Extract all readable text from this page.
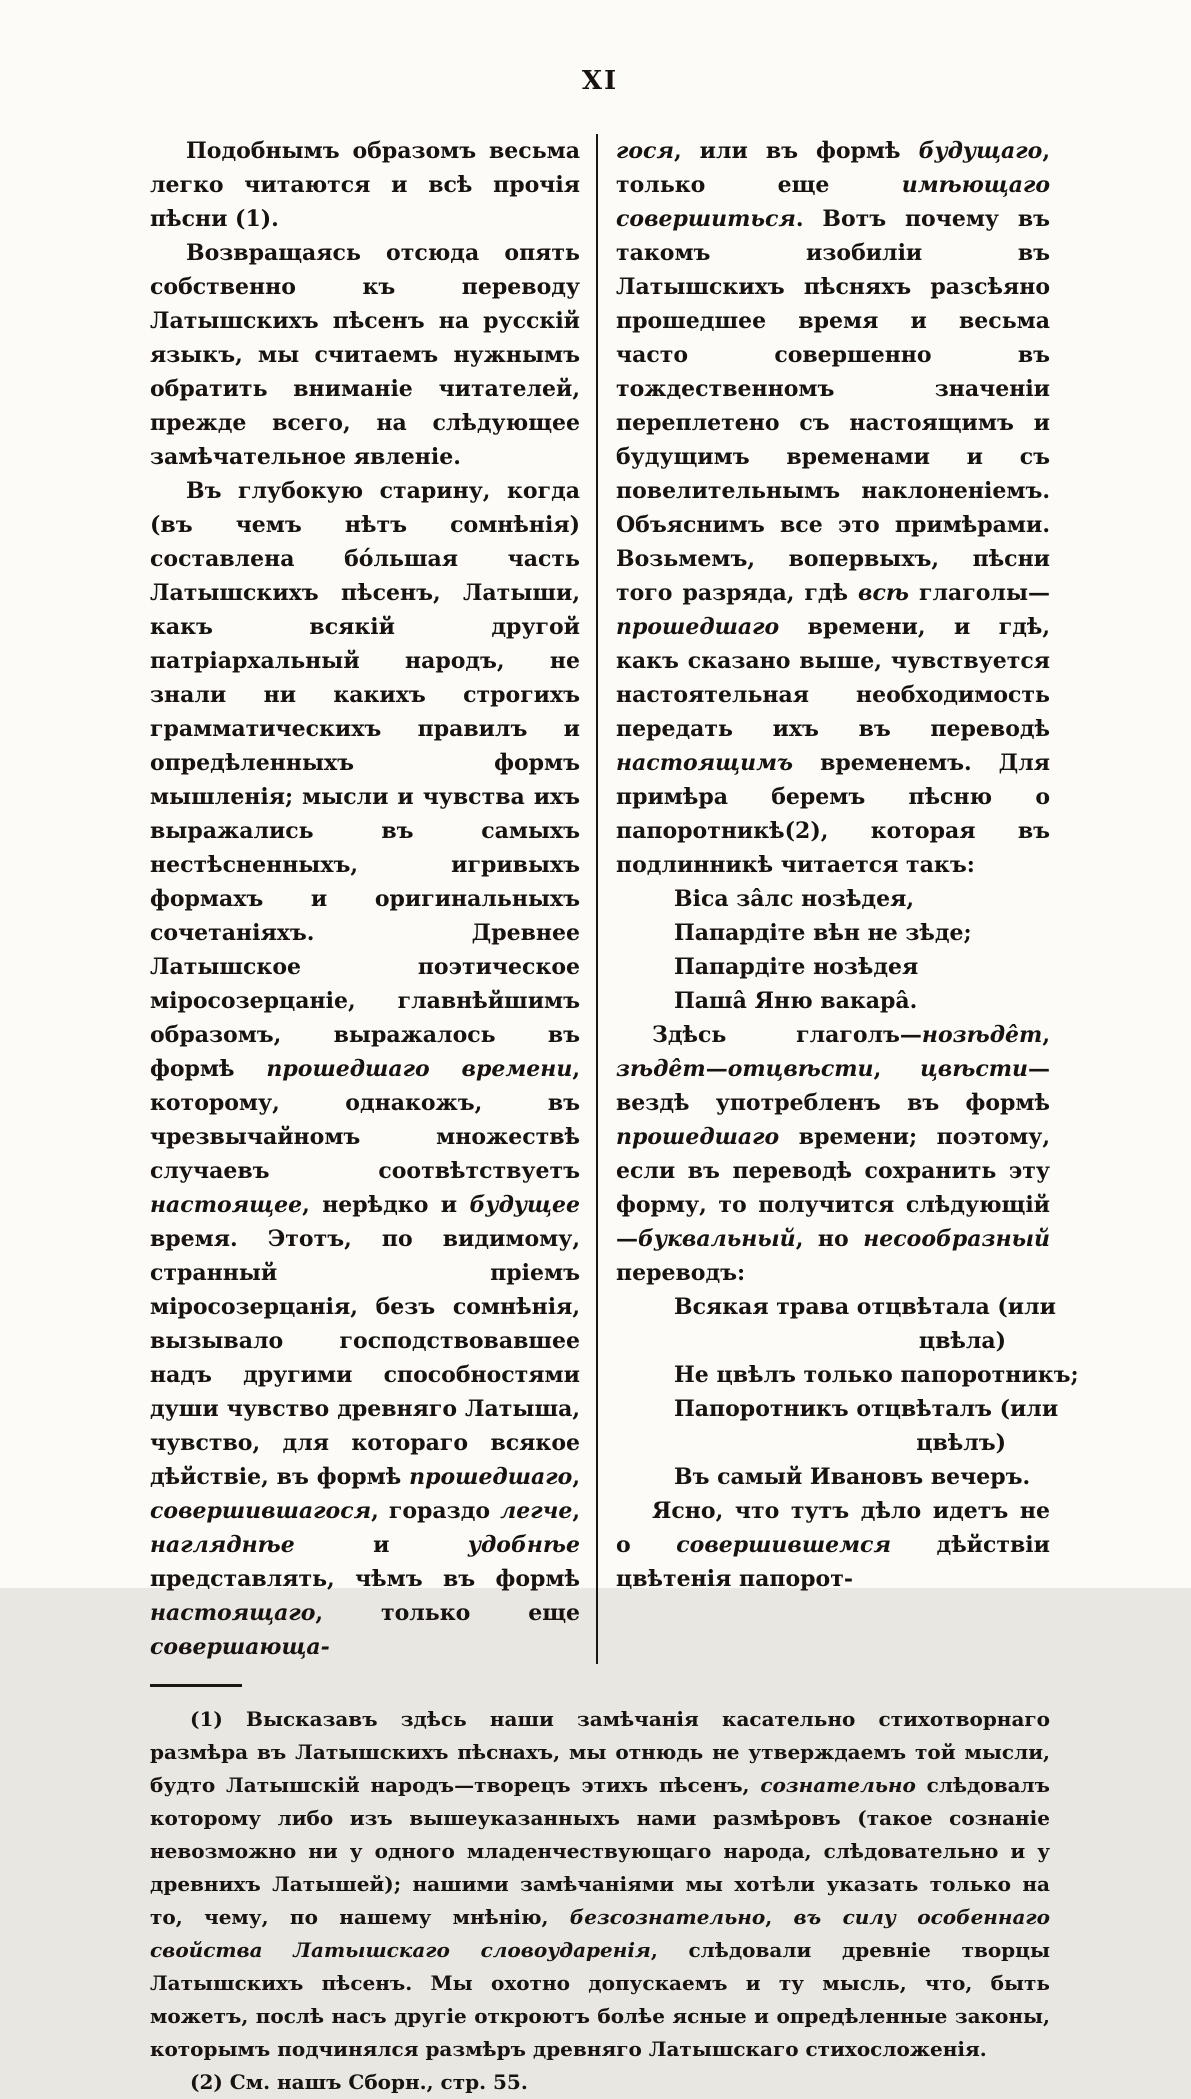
XI

Подобнымъ образомъ весьма легко читаются и всѣ прочія пѣсни (1).

Возвращаясь отсюда опять собственно къ переводу Латышскихъ пѣсенъ на русскій языкъ, мы считаемъ нужнымъ обратить вниманіе читателей, прежде всего, на слѣдующее замѣчательное явленіе.

Въ глубокую старину, когда (въ чемъ нѣтъ сомнѣнія) составлена бо́льшая часть Латышскихъ пѣсенъ, Латыши, какъ всякій другой патріархальный народъ, не знали ни какихъ строгихъ грамматическихъ правилъ и опредѣленныхъ формъ мышленія; мысли и чувства ихъ выражались въ самыхъ нестѣсненныхъ, игривыхъ формахъ и оригинальныхъ сочетаніяхъ. Древнее Латышское поэтическое міросозерцаніе, главнѣйшимъ образомъ, выражалось въ формѣ прошедшаго времени, которому, однакожъ, въ чрезвычайномъ множествѣ случаевъ соотвѣтствуетъ настоящее, нерѣдко и будущее время. Этотъ, по видимому, странный пріемъ міросозерцанія, безъ сомнѣнія, вызывало господствовавшее надъ другими способностями души чувство древняго Латыша, чувство, для котораго всякое дѣйствіе, въ формѣ прошедшаго, совершившагося, гораздо легче, нагляднѣе и удобнѣе представлять, чѣмъ въ формѣ настоящаго, только еще совершающа-

гося, или въ формѣ будущаго, только еще имѣющаго совершиться. Вотъ почему въ такомъ изобиліи въ Латышскихъ пѣсняхъ разсѣяно прошедшее время и весьма часто совершенно въ тождественномъ значеніи переплетено съ настоящимъ и будущимъ временами и съ повелительнымъ наклоненіемъ. Объяснимъ все это примѣрами. Возьмемъ, вопервыхъ, пѣсни того разряда, гдѣ всѣ глаголы—прошедшаго времени, и гдѣ, какъ сказано выше, чувствуется настоятельная необходимость передать ихъ въ переводѣ настоящимъ временемъ. Для примѣра беремъ пѣсню о папоротникѣ(2), которая въ подлинникѣ читается такъ:

Віса зâлс нозѣдея,
Папардіте вѣн не зѣде;
Папардіте нозѣдея
Пашâ Яню вакарâ.

Здѣсь глаголъ—нозѣдêт, зѣдêт—отцвѣсти, цвѣсти—вездѣ употребленъ въ формѣ прошедшаго времени; поэтому, если въ переводѣ сохранить эту форму, то получится слѣдующій—буквальный, но несообразный переводъ:

Всякая трава отцвѣтала (или
цвѣла)
Не цвѣлъ только папоротникъ;
Папоротникъ отцвѣталъ (или
цвѣлъ)
Въ самый Ивановъ вечеръ.

Ясно, что тутъ дѣло идетъ не о совершившемся дѣйствіи цвѣтенія папорот-

(1) Высказавъ здѣсь наши замѣчанія касательно стихотворнаго размѣра въ Латышскихъ пѣснахъ, мы отнюдь не утверждаемъ той мысли, будто Латышскій народъ—творецъ этихъ пѣсенъ, сознательно слѣдовалъ которому либо изъ вышеуказанныхъ нами размѣровъ (такое сознаніе невозможно ни у одного младенчествующаго народа, слѣдовательно и у древнихъ Латышей); нашими замѣчаніями мы хотѣли указать только на то, чему, по нашему мнѣнію, безсознательно, въ силу особеннаго свойства Латышскаго словоударенія, слѣдовали древніе творцы Латышскихъ пѣсенъ. Мы охотно допускаемъ и ту мысль, что, быть можетъ, послѣ насъ другіе откроютъ болѣе ясные и опредѣленные законы, которымъ подчинялся размѣръ древняго Латышскаго стихосложенія.

(2) См. нашъ Сборн., стр. 55.
